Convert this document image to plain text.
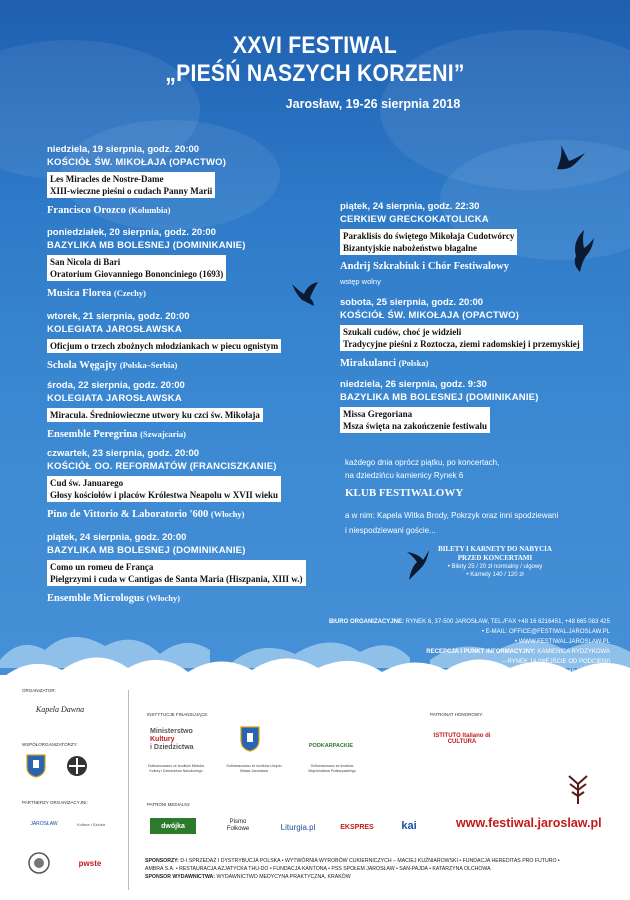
XXVI FESTIWAL
„PIEŚŃ NASZYCH KORZENI”
Jarosław, 19-26 sierpnia 2018
niedziela, 19 sierpnia, godz. 20:00
KOŚCIÓŁ ŚW. MIKOŁAJA (OPACTWO)
Les Miracles de Nostre-Dame
XIII-wieczne pieśni o cudach Panny Marii
Francisco Orozco (Kolumbia)
poniedziałek, 20 sierpnia, godz. 20:00
BAZYLIKA MB BOLESNEJ (DOMINIKANIE)
San Nicola di Bari
Oratorium Giovanniego Bononciniego (1693)
Musica Florea (Czechy)
wtorek, 21 sierpnia, godz. 20:00
KOLEGIATA JAROSŁAWSKA
Oficjum o trzech zbożnych młodziankach w piecu ognistym
Schola Węgajty (Polska–Serbia)
środa, 22 sierpnia, godz. 20:00
KOLEGIATA JAROSŁAWSKA
Miracula. Średniowieczne utwory ku czci św. Mikołaja
Ensemble Peregrina (Szwajcaria)
czwartek, 23 sierpnia, godz. 20:00
KOŚCIÓŁ OO. REFORMATÓW (FRANCISZKANIE)
Cud św. Januarego
Głosy kościołów i placów Królestwa Neapolu w XVII wieku
Pino de Vittorio & Laboratorio '600 (Włochy)
piątek, 24 sierpnia, godz. 20:00
BAZYLIKA MB BOLESNEJ (DOMINIKANIE)
Como un romeu de França
Pielgrzymi i cuda w Cantigas de Santa Maria (Hiszpania, XIII w.)
Ensemble Micrologus (Włochy)
piątek, 24 sierpnia, godz. 22:30
CERKIEW GRECKOKATOLICKA
Paraklisis do świętego Mikołaja Cudotwórcy
Bizantyjskie nabożeństwo błagalne
Andrij Szkrabiuk i Chór Festiwalowy
wstęp wolny
sobota, 25 sierpnia, godz. 20:00
KOŚCIÓŁ ŚW. MIKOŁAJA (OPACTWO)
Szukali cudów, choć je widzieli
Tradycyjne pieśni z Roztocza, ziemi radomskiej i przemyskiej
Mirakulanci (Polska)
niedziela, 26 sierpnia, godz. 9:30
BAZYLIKA MB BOLESNEJ (DOMINIKANIE)
Missa Gregoriana
Msza święta na zakończenie festiwalu
każdego dnia oprócz piątku, po koncertach,
na dziedzińcu kamienicy Rynek 6
KLUB FESTIWALOWY
a w nim: Kapela Witka Brody, Pokrzyk oraz inni spodziewani
i niespodziewani goście...
BILETY I KARNETY DO NABYCIA
PRZED KONCERTAMI
• Bilety 25 / 20 zł normalny / ulgowy
• Karnety 140 / 120 zł
BIURO ORGANIZACYJNE: RYNEK 6, 37-500 JAROSŁAW, TEL./FAX +48 16 6216451, +48 665 083 425
• E-MAIL: OFFICE@FESTIWAL.JAROSLAW.PL
• WWW.FESTIWAL.JAROSLAW.PL
RECEPCJA I PUNKT INFORMACYJNY: KAMIENICA RYDZYKOWA
– RYNEK 14 (WEJŚCIE OD PODCIENI)
TEL. +48 509 958 340
• ZGLOSZENIA@FESTIWAL.JAROSLAW.PL
ORGANIZATOR:
Kapela Dawna
WSPÓŁORGANIZATORZY:
PARTNERZY ORGANIZACYJNI:
JAROSŁAW	Kultura i Sztuka
pwste
INSTYTUCJE FINANSUJĄCE:
Ministerstwo
Kultury
i Dziedzictwa	PODKARPACKIE
Dofinansowano ze środków Ministra Kultury i Dziedzictwa Narodowego
Dofinansowano ze środków Urzędu Miasta Jarosławia
Dofinansowano ze środków Województwa Podkarpackiego
PATRONAT HONOROWY:
ISTITUTO Italiano di CULTURA
PATRONI MEDIALNI:
dwójka
Pismo
Folkowe	Liturgia.pl	EKSPRES	kai	www.festiwal.jaroslaw.pl
SPONSORZY: D-I SPRZEDAŻ I DYSTRYBUCJA POLSKA • WYTWÓRNIA WYROBÓW CUKIERNICZYCH – MACIEJ KUŹNIAROWSKI • FUNDACJA HEREDITAS PRO FUTURO •
AMBRA S.A. • RESTAURACJA AZJATYCKA THU-DO • FUNDACJA KANTONA • PSS SPOŁEM JAROSŁAW • SAN-PAJDA • KATARZYNA OLCHOWA
SPONSOR WYDAWNICTWA: WYDAWNICTWO MEDYCYNA PRAKTYCZNA, KRAKÓW
